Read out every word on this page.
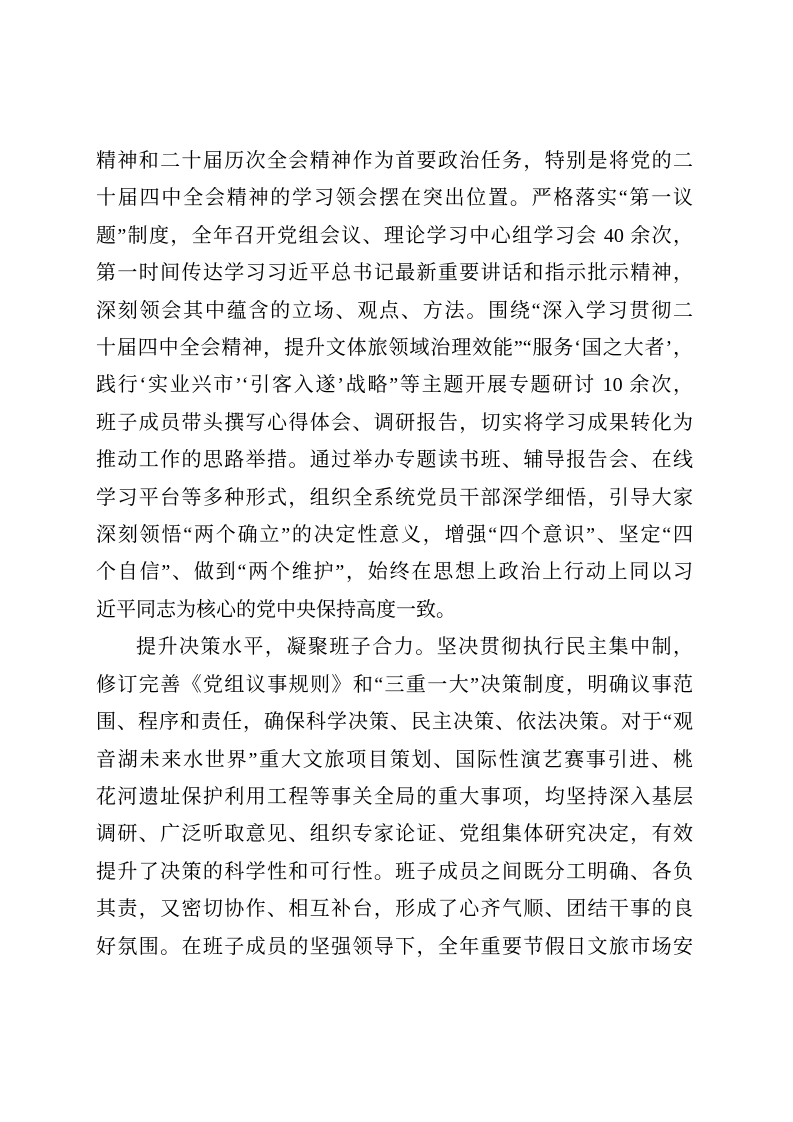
精神和二十届历次全会精神作为首要政治任务，特别是将党的二
十届四中全会精神的学习领会摆在突出位置。严格落实“第一议
题”制度，全年召开党组会议、理论学习中心组学习会 40 余次，
第一时间传达学习习近平总书记最新重要讲话和指示批示精神，
深刻领会其中蕴含的立场、观点、方法。围绕“深入学习贯彻二
十届四中全会精神，提升文体旅领域治理效能”“服务‘国之大者’，
践行‘实业兴市’‘引客入遂’战略”等主题开展专题研讨 10 余次，
班子成员带头撰写心得体会、调研报告，切实将学习成果转化为
推动工作的思路举措。通过举办专题读书班、辅导报告会、在线
学习平台等多种形式，组织全系统党员干部深学细悟，引导大家
深刻领悟“两个确立”的决定性意义，增强“四个意识”、坚定“四
个自信”、做到“两个维护”，始终在思想上政治上行动上同以习
近平同志为核心的党中央保持高度一致。
提升决策水平，凝聚班子合力。坚决贯彻执行民主集中制，
修订完善《党组议事规则》和“三重一大”决策制度，明确议事范
围、程序和责任，确保科学决策、民主决策、依法决策。对于“观
音湖未来水世界”重大文旅项目策划、国际性演艺赛事引进、桃
花河遗址保护利用工程等事关全局的重大事项，均坚持深入基层
调研、广泛听取意见、组织专家论证、党组集体研究决定，有效
提升了决策的科学性和可行性。班子成员之间既分工明确、各负
其责，又密切协作、相互补台，形成了心齐气顺、团结干事的良
好氛围。在班子成员的坚强领导下，全年重要节假日文旅市场安
